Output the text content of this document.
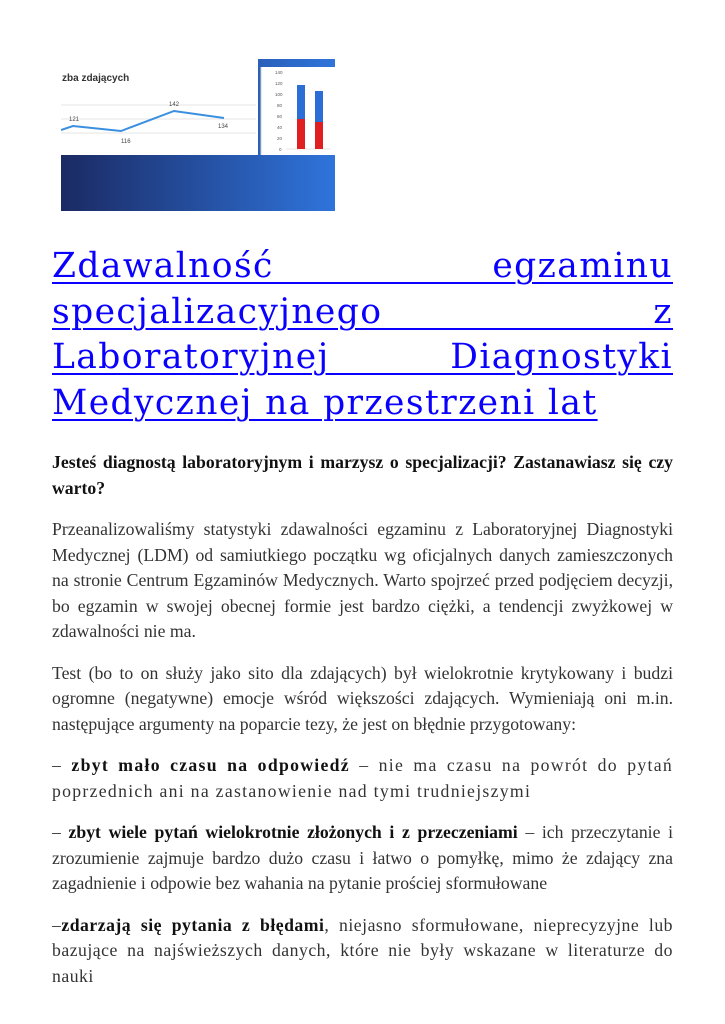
zba zdających
121
116
142
134
140
120
100
80
60
40
20
0
Zdawalność egzaminu specjalizacyjnego z Laboratoryjnej Diagnostyki Medycznej na przestrzeni lat

Jesteś diagnostą laboratoryjnym i marzysz o specjalizacji? Zastanawiasz się czy warto?

Przeanalizowaliśmy statystyki zdawalności egzaminu z Laboratoryjnej Diagnostyki Medycznej (LDM) od samiutkiego początku wg oficjalnych danych zamieszczonych na stronie Centrum Egzaminów Medycznych. Warto spojrzeć przed podjęciem decyzji, bo egzamin w swojej obecnej formie jest bardzo ciężki, a tendencji zwyżkowej w zdawalności nie ma.

Test (bo to on służy jako sito dla zdających) był wielokrotnie krytykowany i budzi ogromne (negatywne) emocje wśród większości zdających. Wymieniają oni m.in. następujące argumenty na poparcie tezy, że jest on błędnie przygotowany:

– zbyt mało czasu na odpowiedź – nie ma czasu na powrót do pytań poprzednich ani na zastanowienie nad tymi trudniejszymi

– zbyt wiele pytań wielokrotnie złożonych i z przeczeniami – ich przeczytanie i zrozumienie zajmuje bardzo dużo czasu i łatwo o pomyłkę, mimo że zdający zna zagadnienie i odpowie bez wahania na pytanie prościej sformułowane

–zdarzają się pytania z błędami, niejasno sformułowane, nieprecyzyjne lub bazujące na najświeższych danych, które nie były wskazane w literaturze do nauki
